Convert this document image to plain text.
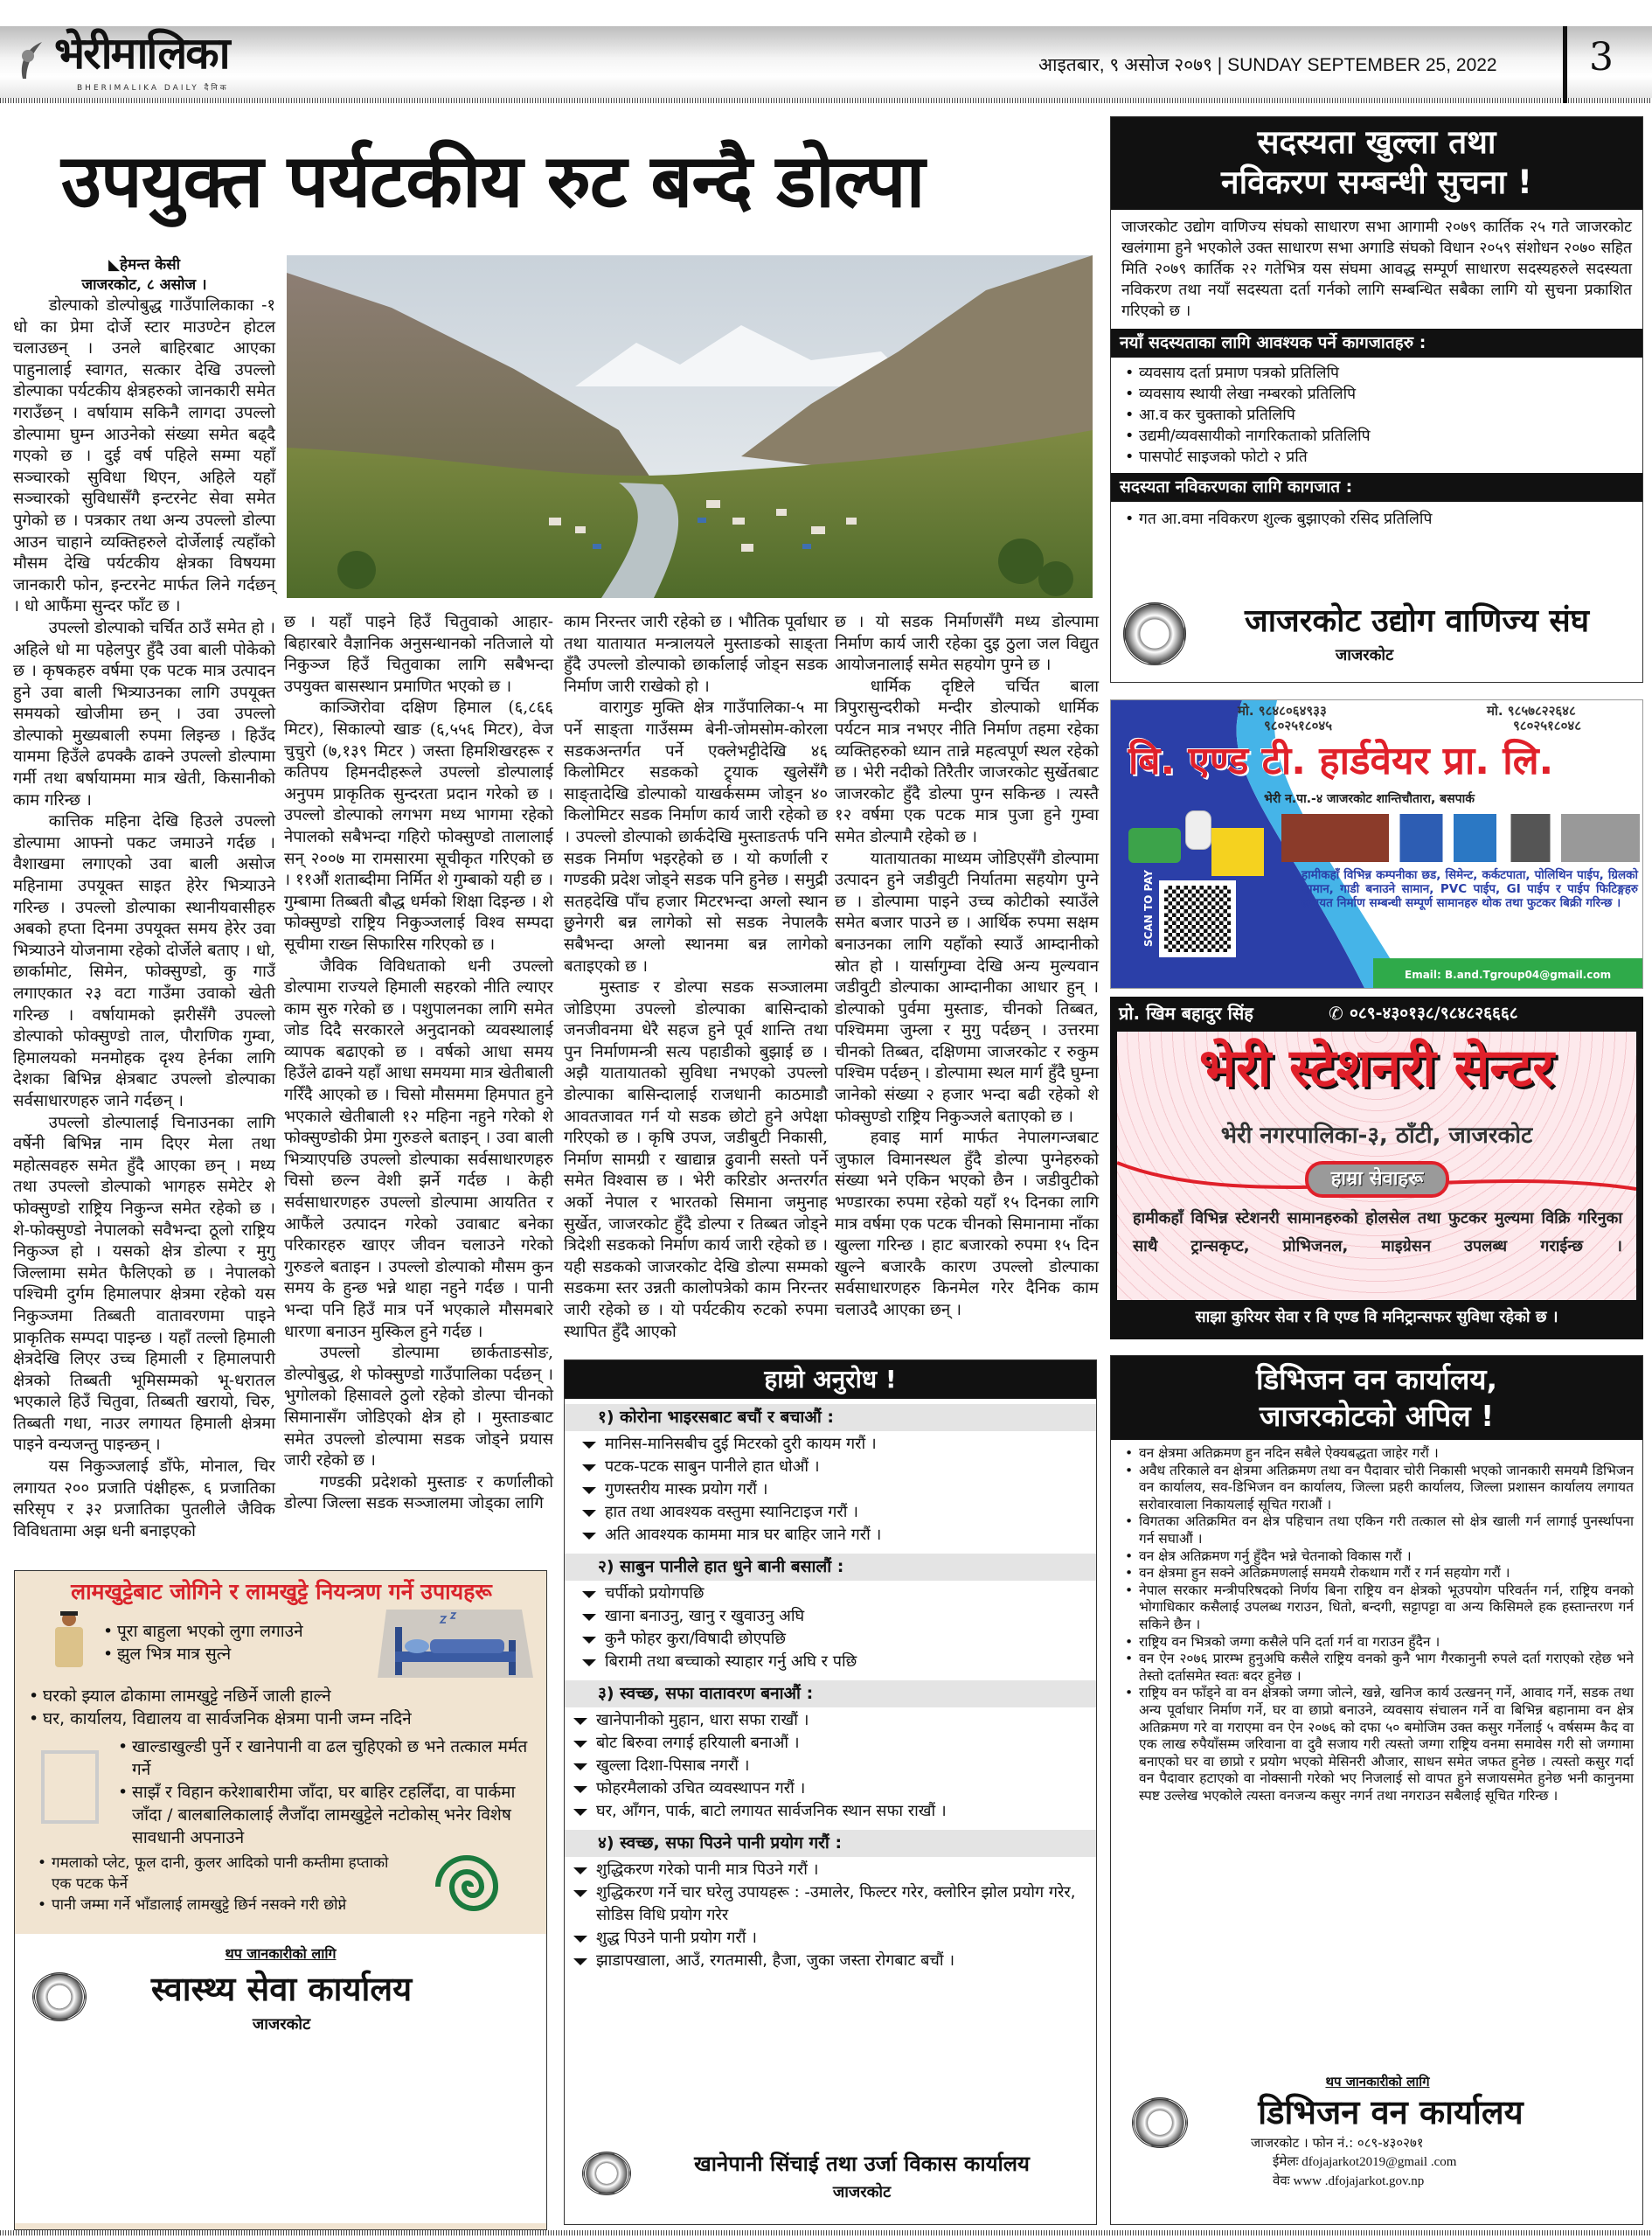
भेरीमालिका
BHERIMALIKA DAILY दैनिक
आइतबार, ९ असोज २०७९ | SUNDAY SEPTEMBER 25, 2022 3
उपयुक्त पर्यटकीय रुट बन्दै डोल्पा
◣हेमन्त केसी
जाजरकोट, ८ असोज ।

डोल्पाको डोल्पोबुद्ध गाउँपालिकाका -१ धो का प्रेमा दोर्जे स्टार माउण्टेन होटल चलाउछन् । उनले बाहिरबाट आएका पाहुनालाई स्वागत, सत्कार देखि उपल्लो डोल्पाका पर्यटकीय क्षेत्रहरुको जानकारी समेत गराउँछन् । वर्षायाम सकिनै लागदा उपल्लो डोल्पामा घुम्न आउनेको संख्या समेत बढ्दै गएको छ । दुई वर्ष पहिले सम्मा यहाँ सञ्चारको सुविधा थिएन, अहिले यहाँ सञ्चारको सुविधासँगै इन्टरनेट सेवा समेत पुगेको छ । पत्रकार तथा अन्य उपल्लो डोल्पा आउन चाहाने व्यक्तिहरुले दोर्जेलाई त्यहाँको मौसम देखि पर्यटकीय क्षेत्रका विषयमा जानकारी फोन, इन्टरनेट मार्फत लिने गर्दछन् । धो आफैंमा सुन्दर फाँट छ ।

उपल्लो डोल्पाको चर्चित ठाउँ समेत हो । अहिले धो मा पहेलपुर हुँदै उवा बाली पोकेको छ । कृषकहरु वर्षमा एक पटक मात्र उत्पादन हुने उवा बाली भित्र्याउनका लागि उपयूक्त समयको खोजीमा छन् । उवा उपल्लो डोल्पाको मुख्यबाली रुपमा लिइन्छ । हिउँद याममा हिउँले ढपक्कै ढाक्ने उपल्लो डोल्पामा गर्मी तथा बर्षायाममा मात्र खेती, किसानीको काम गरिन्छ ।

कात्तिक महिना देखि हिउले उपल्लो डोल्पामा आफ्नो पकट जमाउने गर्दछ । वैशाखमा लगाएको उवा बाली असोज महिनामा उपयूक्त साइत हेरेर भित्र्याउने गरिन्छ । उपल्लो डोल्पाका स्थानीयवासीहरु अबको हप्ता दिनमा उपयूक्त समय हेरेर उवा भित्र्याउने योजनामा रहेको दोर्जेले बताए । धो, छार्कामोट, सिमेन, फोक्सुण्डो, कु गाउँ लगाएकात २३ वटा गाउँमा उवाको खेती गरिन्छ । वर्षायामको झरीसँगै उपल्लो डोल्पाको फोक्सुण्डो ताल, पौराणिक गुम्वा, हिमालयको मनमोहक दृश्य हेर्नका लागि देशका बिभिन्न क्षेत्रबाट उपल्लो डोल्पाका सर्वसाधारणहरु जाने गर्दछन् ।

उपल्लो डोल्पालाई चिनाउनका लागि वर्षेनी बिभिन्न नाम दिएर मेला तथा महोत्सवहरु समेत हुँदै आएका छन् । मध्य तथा उपल्लो डोल्पाको भागहरु समेटेर शे फोक्सुण्डो राष्ट्रिय निकुन्ज समेत रहेको छ । शे-फोक्सुण्डो नेपालको सवैभन्दा ठूलो राष्ट्रिय निकुञ्ज हो । यसको क्षेत्र डोल्पा र मुगु जिल्लामा समेत फैलिएको छ । नेपालको पश्चिमी दुर्गम हिमालपार क्षेत्रमा रहेको यस निकुञ्जमा तिब्बती वातावरणमा पाइने प्राकृतिक सम्पदा पाइन्छ । यहाँ तल्लो हिमाली क्षेत्रदेखि लिएर उच्च हिमाली र हिमालपारी क्षेत्रको तिब्बती भूमिसम्मको भू-धरातल भएकाले हिउँ चितुवा, तिब्बती खरायो, चिरु, तिब्बती गधा, नाउर लगायत हिमाली क्षेत्रमा पाइने वन्यजन्तु पाइन्छन् ।

यस निकुञ्जलाई डाँफे, मोनाल, चिर लगायत २०० प्रजाति पंक्षीहरू, ६ प्रजातिका सरिसृप र ३२ प्रजातिका पुतलीले जैविक विविधतामा अझ धनी बनाइएको

छ । यहाँ पाइने हिउँ चितुवाको आहार-बिहारबारे वैज्ञानिक अनुसन्धानको नतिजाले यो निकुञ्ज हिउँ चितुवाका लागि सबैभन्दा उपयुक्त बासस्थान प्रमाणित भएको छ ।

काञ्जिरोवा दक्षिण हिमाल (६,८६६ मिटर), सिकाल्पो खाङ (६,५५६ मिटर), वेज चुचुरो (७,१३९ मिटर ) जस्ता हिमशिखरहरू र कतिपय हिमनदीहरूले उपल्लो डोल्पालाई अनुपम प्राकृतिक सुन्दरता प्रदान गरेको छ । उपल्लो डोल्पाको लगभग मध्य भागमा रहेको नेपालको सबैभन्दा गहिरो फोक्सुण्डो तालालाई सन् २००७ मा रामसारमा सूचीकृत गरिएको छ । ११औं शताब्दीमा निर्मित शे गुम्बाको यही छ । गुम्बामा तिब्बती बौद्ध धर्मको शिक्षा दिइन्छ । शे फोक्सुण्डो राष्ट्रिय निकुञ्जलाई विश्व सम्पदा सूचीमा राख्न सिफारिस गरिएको छ ।

जैविक विविधताको धनी उपल्लो डोल्पामा राज्यले हिमाली सहरको नीति ल्याएर काम सुरु गरेको छ । पशुपालनका लागि समेत जोड दिदै सरकारले अनुदानको व्यवस्थालाई व्यापक बढाएको छ । वर्षको आधा समय हिउँले ढाक्ने यहाँ आधा समयमा मात्र खेतीबाली गरिँदै आएको छ । चिसो मौसममा हिमपात हुने भएकाले खेतीबाली १२ महिना नहुने गरेको शे फोक्सुण्डोकी प्रेमा गुरुङले बताइन् । उवा बाली भित्र्याएपछि उपल्लो डोल्पाका सर्वसाधारणहरु चिसो छल्न वेशी झर्ने गर्दछ । केही सर्वसाधारणहरु उपल्लो डोल्पामा आयतित र आफैंले उत्पादन गरेको उवाबाट बनेका परिकारहरु खाएर जीवन चलाउने गरेको गुरुङले बताइन । उपल्लो डोल्पाको मौसम कुन समय के हुन्छ भन्ने थाहा नहुने गर्दछ । पानी भन्दा पनि हिउँ मात्र पर्ने भएकाले मौसमबारे धारणा बनाउन मुस्किल हुने गर्दछ ।

उपल्लो डोल्पामा छार्कताङसोङ, डोल्पोबुद्ध, शे फोक्सुण्डो गाउँपालिका पर्दछन् । भुगोलको हिसावले ठुलो रहेको डोल्पा चीनको सिमानासँग जोडिएको क्षेत्र हो । मुस्ताङबाट समेत उपल्लो डोल्पामा सडक जोड्ने प्रयास जारी रहेको छ ।

गण्डकी प्रदेशको मुस्ताङ र कर्णालीको डोल्पा जिल्ला सडक सञ्जालमा जोड्का लागि

काम निरन्तर जारी रहेको छ । भौतिक पूर्वाधार तथा यातायात मन्त्रालयले मुस्ताङको साङ्ता हुँदै उपल्लो डोल्पाको छार्कालाई जोड्न सडक निर्माण जारी राखेको हो ।

वारागुङ मुक्ति क्षेत्र गाउँपालिका-५ मा पर्ने साङ्ता गाउँसम्म बेनी-जोमसोम-कोरला सडकअन्तर्गत पर्ने एक्लेभट्टीदेखि ४६ किलोमिटर सडकको ट्र्याक खुलेसँगै साङ्तादेखि डोल्पाको याखर्कसम्म जोड्न ४० किलोमिटर सडक निर्माण कार्य जारी रहेको छ । उपल्लो डोल्पाको छार्कदेखि मुस्ताङतर्फ पनि सडक निर्माण भइरहेको छ । यो कर्णाली र गण्डकी प्रदेश जोड्ने सडक पनि हुनेछ । समुद्री सतहदेखि पाँच हजार मिटरभन्दा अग्लो स्थान छुनेगरी बन्न लागेको सो सडक नेपालकै सबैभन्दा अग्लो स्थानमा बन्न लागेको बताइएको छ ।

मुस्ताङ र डोल्पा सडक सञ्जालमा जोडिएमा उपल्लो डोल्पाका बासिन्दाको जनजीवनमा धेरै सहज हुने पूर्व शान्ति तथा पुन निर्माणमन्त्री सत्य पहाडीको बुझाई छ । अझै यातायातको सुविधा नभएको उपल्लो डोल्पाका बासिन्दालाई राजधानी काठमाडौ आवतजावत गर्न यो सडक छोटो हुने अपेक्षा गरिएको छ । कृषि उपज, जडीबुटी निकासी, निर्माण सामग्री र खाद्यान्न ढुवानी सस्तो पर्ने समेत विश्वास छ । भेरी करिडोर अन्तरर्गत अर्को नेपाल र भारतको सिमाना जमुनाह सुर्खेत, जाजरकोट हुँदै डोल्पा र तिब्बत जोड्ने त्रिदेशी सडकको निर्माण कार्य जारी रहेको छ । यही सडकको जाजरकोट देखि डोल्पा सम्मको सडकमा स्तर उन्नती कालोपत्रेको काम निरन्तर जारी रहेको छ । यो पर्यटकीय रुटको रुपमा स्थापित हुँदै आएको

छ । यो सडक निर्माणसँगै मध्य डोल्पामा निर्माण कार्य जारी रहेका दुइ ठुला जल विद्युत आयोजनालाई समेत सहयोग पुग्ने छ ।

धार्मिक दृष्टिले चर्चित बाला त्रिपुरासुन्दरीको मन्दीर डोल्पाको धार्मिक पर्यटन मात्र नभएर नीति निर्माण तहमा रहेका व्यक्तिहरुको ध्यान तान्ने महत्वपूर्ण स्थल रहेको छ । भेरी नदीको तिरैतीर जाजरकोट सुर्खेतबाट जाजरकोट हुँदै डोल्पा पुग्न सकिन्छ । त्यस्तै १२ वर्षमा एक पटक मात्र पुजा हुने गुम्वा समेत डोल्पामै रहेको छ ।

यातायातका माध्यम जोडिएसँगै डोल्पामा उत्पादन हुने जडीवुटी निर्यातमा सहयोग पुग्ने छ । डोल्पामा पाइने उच्च कोटीको स्याउँले समेत बजार पाउने छ । आर्थिक रुपमा सक्षम बनाउनका लागि यहाँको स्याउँ आम्दानीको स्रोत हो । यार्सागुम्वा देखि अन्य मुल्यवान जडीवुटी डोल्पाका आम्दानीका आधार हुन् । डोल्पाको पुर्वमा मुस्ताङ, चीनको तिब्बत, पश्चिममा जुम्ला र मुगु पर्दछन् । उत्तरमा चीनको तिब्बत, दक्षिणमा जाजरकोट र रुकुम पश्चिम पर्दछन् । डोल्पामा स्थल मार्ग हुँदै घुम्ना जानेको संख्या २ हजार भन्दा बढी रहेको शे फोक्सुण्डो राष्ट्रिय निकुञ्जले बताएको छ ।

हवाइ मार्ग मार्फत नेपालगन्जबाट जुफाल विमानस्थल हुँदै डोल्पा पुग्नेहरुको संख्या भने एकिन भएको छैन । जडीवुटीको भण्डारका रुपमा रहेको यहाँ १५ दिनका लागि मात्र वर्षमा एक पटक चीनको सिमानामा नाँका खुल्ला गरिन्छ । हाट बजारको रुपमा १५ दिन खुल्ने बजारकै कारण उपल्लो डोल्पाका सर्वसाधारणहरु किनमेल गरेर दैनिक काम चलाउदै आएका छन् ।

सदस्यता खुल्ला तथा
नविकरण सम्बन्धी सुचना !
जाजरकोट उद्योग वाणिज्य संघको साधारण सभा आगामी २०७९ कार्तिक २५ गते जाजरकोट खलंगामा हुने भएकोले उक्त साधारण सभा अगाडि संघको विधान २०५९ संशोधन २०७० सहित मिति २०७९ कार्तिक २२ गतेभित्र यस संघमा आवद्ध सम्पूर्ण साधारण सदस्यहरुले सदस्यता नविकरण तथा नयाँ सदस्यता दर्ता गर्नको लागि सम्बन्धित सबैका लागि यो सुचना प्रकाशित गरिएको छ ।
नयाँ सदस्यताका लागि आवश्यक पर्ने कागजातहरु :
• व्यवसाय दर्ता प्रमाण पत्रको प्रतिलिपि
• व्यवसाय स्थायी लेखा नम्बरको प्रतिलिपि
• आ.व कर चुक्ताको प्रतिलिपि
• उद्यमी/व्यवसायीको नागरिकताको प्रतिलिपि
• पासपोर्ट साइजको फोटो २ प्रति
सदस्यता नविकरणका लागि कागजात :
• गत आ.वमा नविकरण शुल्क बुझाएको रसिद प्रतिलिपि
जाजरकोट उद्योग वाणिज्य संघ
जाजरकोट
मो. ९८४८०६४९३३
९८०२५१८०४५
मो. ९८५७८२२६४८
९८०२५१८०४८
बि. एण्ड टी. हार्डवेयर प्रा. लि.
भेरी न.पा.-४ जाजरकोट शान्तिचौतारा, बसपार्क
SCAN TO PAY	हामीकहाँ विभिन्न कम्पनीका छड, सिमेन्ट, कर्कटपाता, पोलिथिन पाईप, ग्रिलको सामान, गाडी बनाउने सामान, PVC पाईप, GI पाईप र पाईप फिटिङ्गहरु लगायत निर्माण सम्बन्धी सम्पूर्ण सामानहरु थोक तथा फुटकर बिक्री गरिन्छ ।
Email: B.and.Tgroup04@gmail.com
प्रो. खिम बहादुर सिंह	✆ ०८९-४३०१३८/९८४८२६६६८
भेरी स्टेशनरी सेन्टर
भेरी नगरपालिका-३, ठाँटी, जाजरकोट
हाम्रा सेवाहरू
हामीकहाँ विभिन्न स्टेशनरी सामानहरुको होलसेल तथा फुटकर मुल्यमा विक्रि गरिनुका साथै ट्रान्सकृप्ट, प्रोभिजनल, माइग्रेसन उपलब्ध गराईन्छ ।
साझा कुरियर सेवा र वि एण्ड वि मनिट्रान्सफर सुविधा रहेको छ ।
लामखुट्टेबाट जोगिने र लामखुट्टे नियन्त्रण गर्ने उपायहरू
• पूरा बाहुला भएको लुगा लगाउने
• झुल भित्र मात्र सुत्ने
• घरको झ्याल ढोकामा लामखुट्टे नछिर्ने जाली हाल्ने
• घर, कार्यालय, विद्यालय वा सार्वजनिक क्षेत्रमा पानी जम्न नदिने
• खाल्डाखुल्डी पुर्ने र खानेपानी वा ढल चुहिएको छ भने तत्काल मर्मत गर्ने
• साझँ र विहान करेशाबारीमा जाँदा, घर बाहिर टहलिँदा, वा पार्कमा जाँदा / बालबालिकालाई लैजाँदा लामखुट्टेले नटोकोस् भनेर विशेष सावधानी अपनाउने
• गमलाको प्लेट, फूल दानी, कुलर आदिको पानी कम्तीमा हप्ताको एक पटक फेर्ने
• पानी जम्मा गर्ने भाँडालाई लामखुट्टे छिर्न नसक्ने गरी छोप्ने
थप जानकारीको लागि
स्वास्थ्य सेवा कार्यालय
जाजरकोट
हाम्रो अनुरोध !
१) कोरोना भाइरसबाट बचौं र बचाऔं :
मानिस-मानिसबीच दुई मिटरको दुरी कायम गरौं ।
पटक-पटक साबुन पानीले हात धोऔं ।
गुणस्तरीय मास्क प्रयोग गरौं ।
हात तथा आवश्यक वस्तुमा स्यानिटाइज गरौं ।
अति आवश्यक काममा मात्र घर बाहिर जाने गरौं ।
२) साबुन पानीले हात धुने बानी बसालौं :
चर्पीको प्रयोगपछि
खाना बनाउनु, खानु र खुवाउनु अघि
कुनै फोहर कुरा/विषादी छोएपछि
बिरामी तथा बच्चाको स्याहार गर्नु अघि र पछि
३) स्वच्छ, सफा वातावरण बनाऔं :
खानेपानीको मुहान, धारा सफा राखौं ।
बोट बिरुवा लगाई हरियाली बनाऔं ।
खुल्ला दिशा-पिसाब नगरौं ।
फोहरमैलाको उचित व्यवस्थापन गरौं ।
घर, आँगन, पार्क, बाटो लगायत सार्वजनिक स्थान सफा राखौं ।
४) स्वच्छ, सफा पिउने पानी प्रयोग गरौं :
शुद्धिकरण गरेको पानी मात्र पिउने गरौं ।
शुद्धिकरण गर्ने चार घरेलु उपायहरू : -उमालेर, फिल्टर गरेर, क्लोरिन झोल प्रयोग गरेर, सोडिस विधि प्रयोग गरेर
शुद्ध पिउने पानी प्रयोग गरौं ।
झाडापखाला, आउँ, रगतमासी, हैजा, जुका जस्ता रोगबाट बचौं ।
खानेपानी सिंचाई तथा उर्जा विकास कार्यालय
जाजरकोट
डिभिजन वन कार्यालय,
जाजरकोटको अपिल !
• वन क्षेत्रमा अतिक्रमण हुन नदिन सबैले ऐक्यबद्धता जाहेर गरौं ।
• अवैध तरिकाले वन क्षेत्रमा अतिक्रमण तथा वन पैदावार चोरी निकासी भएको जानकारी समयमै डिभिजन वन कार्यालय, सव-डिभिजन वन कार्यालय, जिल्ला प्रहरी कार्यालय, जिल्ला प्रशासन कार्यालय लगायत सरोवारवाला निकायलाई सूचित गराऔं ।
• विगतका अतिक्रमित वन क्षेत्र पहिचान तथा एकिन गरी तत्काल सो क्षेत्र खाली गर्न लागाई पुनर्स्थापना गर्न सघाऔं ।
• वन क्षेत्र अतिक्रमण गर्नु हुँदैन भन्ने चेतनाको विकास गरौं ।
• वन क्षेत्रमा हुन सक्ने अतिक्रमणलाई समयमै रोकथाम गरौं र गर्न सहयोग गरौं ।
• नेपाल सरकार मन्त्रीपरिषदको निर्णय बिना राष्ट्रिय वन क्षेत्रको भूउपयोग परिवर्तन गर्न, राष्ट्रिय वनको भोगाधिकार कसैलाई उपलब्ध गराउन, धितो, बन्दगी, सट्टापट्टा वा अन्य किसिमले हक हस्तान्तरण गर्न सकिने छैन ।
• राष्ट्रिय वन भित्रको जग्गा कसैले पनि दर्ता गर्न वा गराउन हुँदैन ।
• वन ऐन २०७६ प्रारम्भ हुनुअघि कसैले राष्ट्रिय वनको कुनै भाग गैरकानुनी रुपले दर्ता गराएको रहेछ भने तेस्तो दर्तासमेत स्वतः बदर हुनेछ ।
• राष्ट्रिय वन फाँड्ने वा वन क्षेत्रको जग्गा जोत्ने, खन्ने, खनिज कार्य उत्खनन् गर्ने, आवाद गर्ने, सडक तथा अन्य पूर्वाधार निर्माण गर्ने, घर वा छाप्रो बनाउने, व्यवसाय संचालन गर्ने वा बिभिन्न बहानामा वन क्षेत्र अतिक्रमण गरे वा गराएमा वन ऐन २०७६ को दफा ५० बमोजिम उक्त कसुर गर्नेलाई ५ वर्षसम्म कैद वा एक लाख रुपैयाँसम्म जरिवाना वा दुवै सजाय गरी त्यस्तो जग्गा राष्ट्रिय वनमा समावेस गरी सो जग्गामा बनाएको घर वा छाप्रो र प्रयोग भएको मेसिनरी औजार, साधन समेत जफत हुनेछ । त्यस्तो कसुर गर्दा वन पैदावार हटाएको वा नोक्सानी गरेको भए निजलाई सो वापत हुने सजायसमेत हुनेछ भनी कानुनमा स्पष्ट उल्लेख भएकोले त्यस्ता वनजन्य कसुर नगर्न तथा नगराउन सबैलाई सूचित गरिन्छ ।
थप जानकारीको लागि
डिभिजन वन कार्यालय
जाजरकोट । फोन नं.: ०८९-४३०२७१
ईमेलः dfojajarkot2019@gmail .com
वेवः www .dfojajarkot.gov.np
